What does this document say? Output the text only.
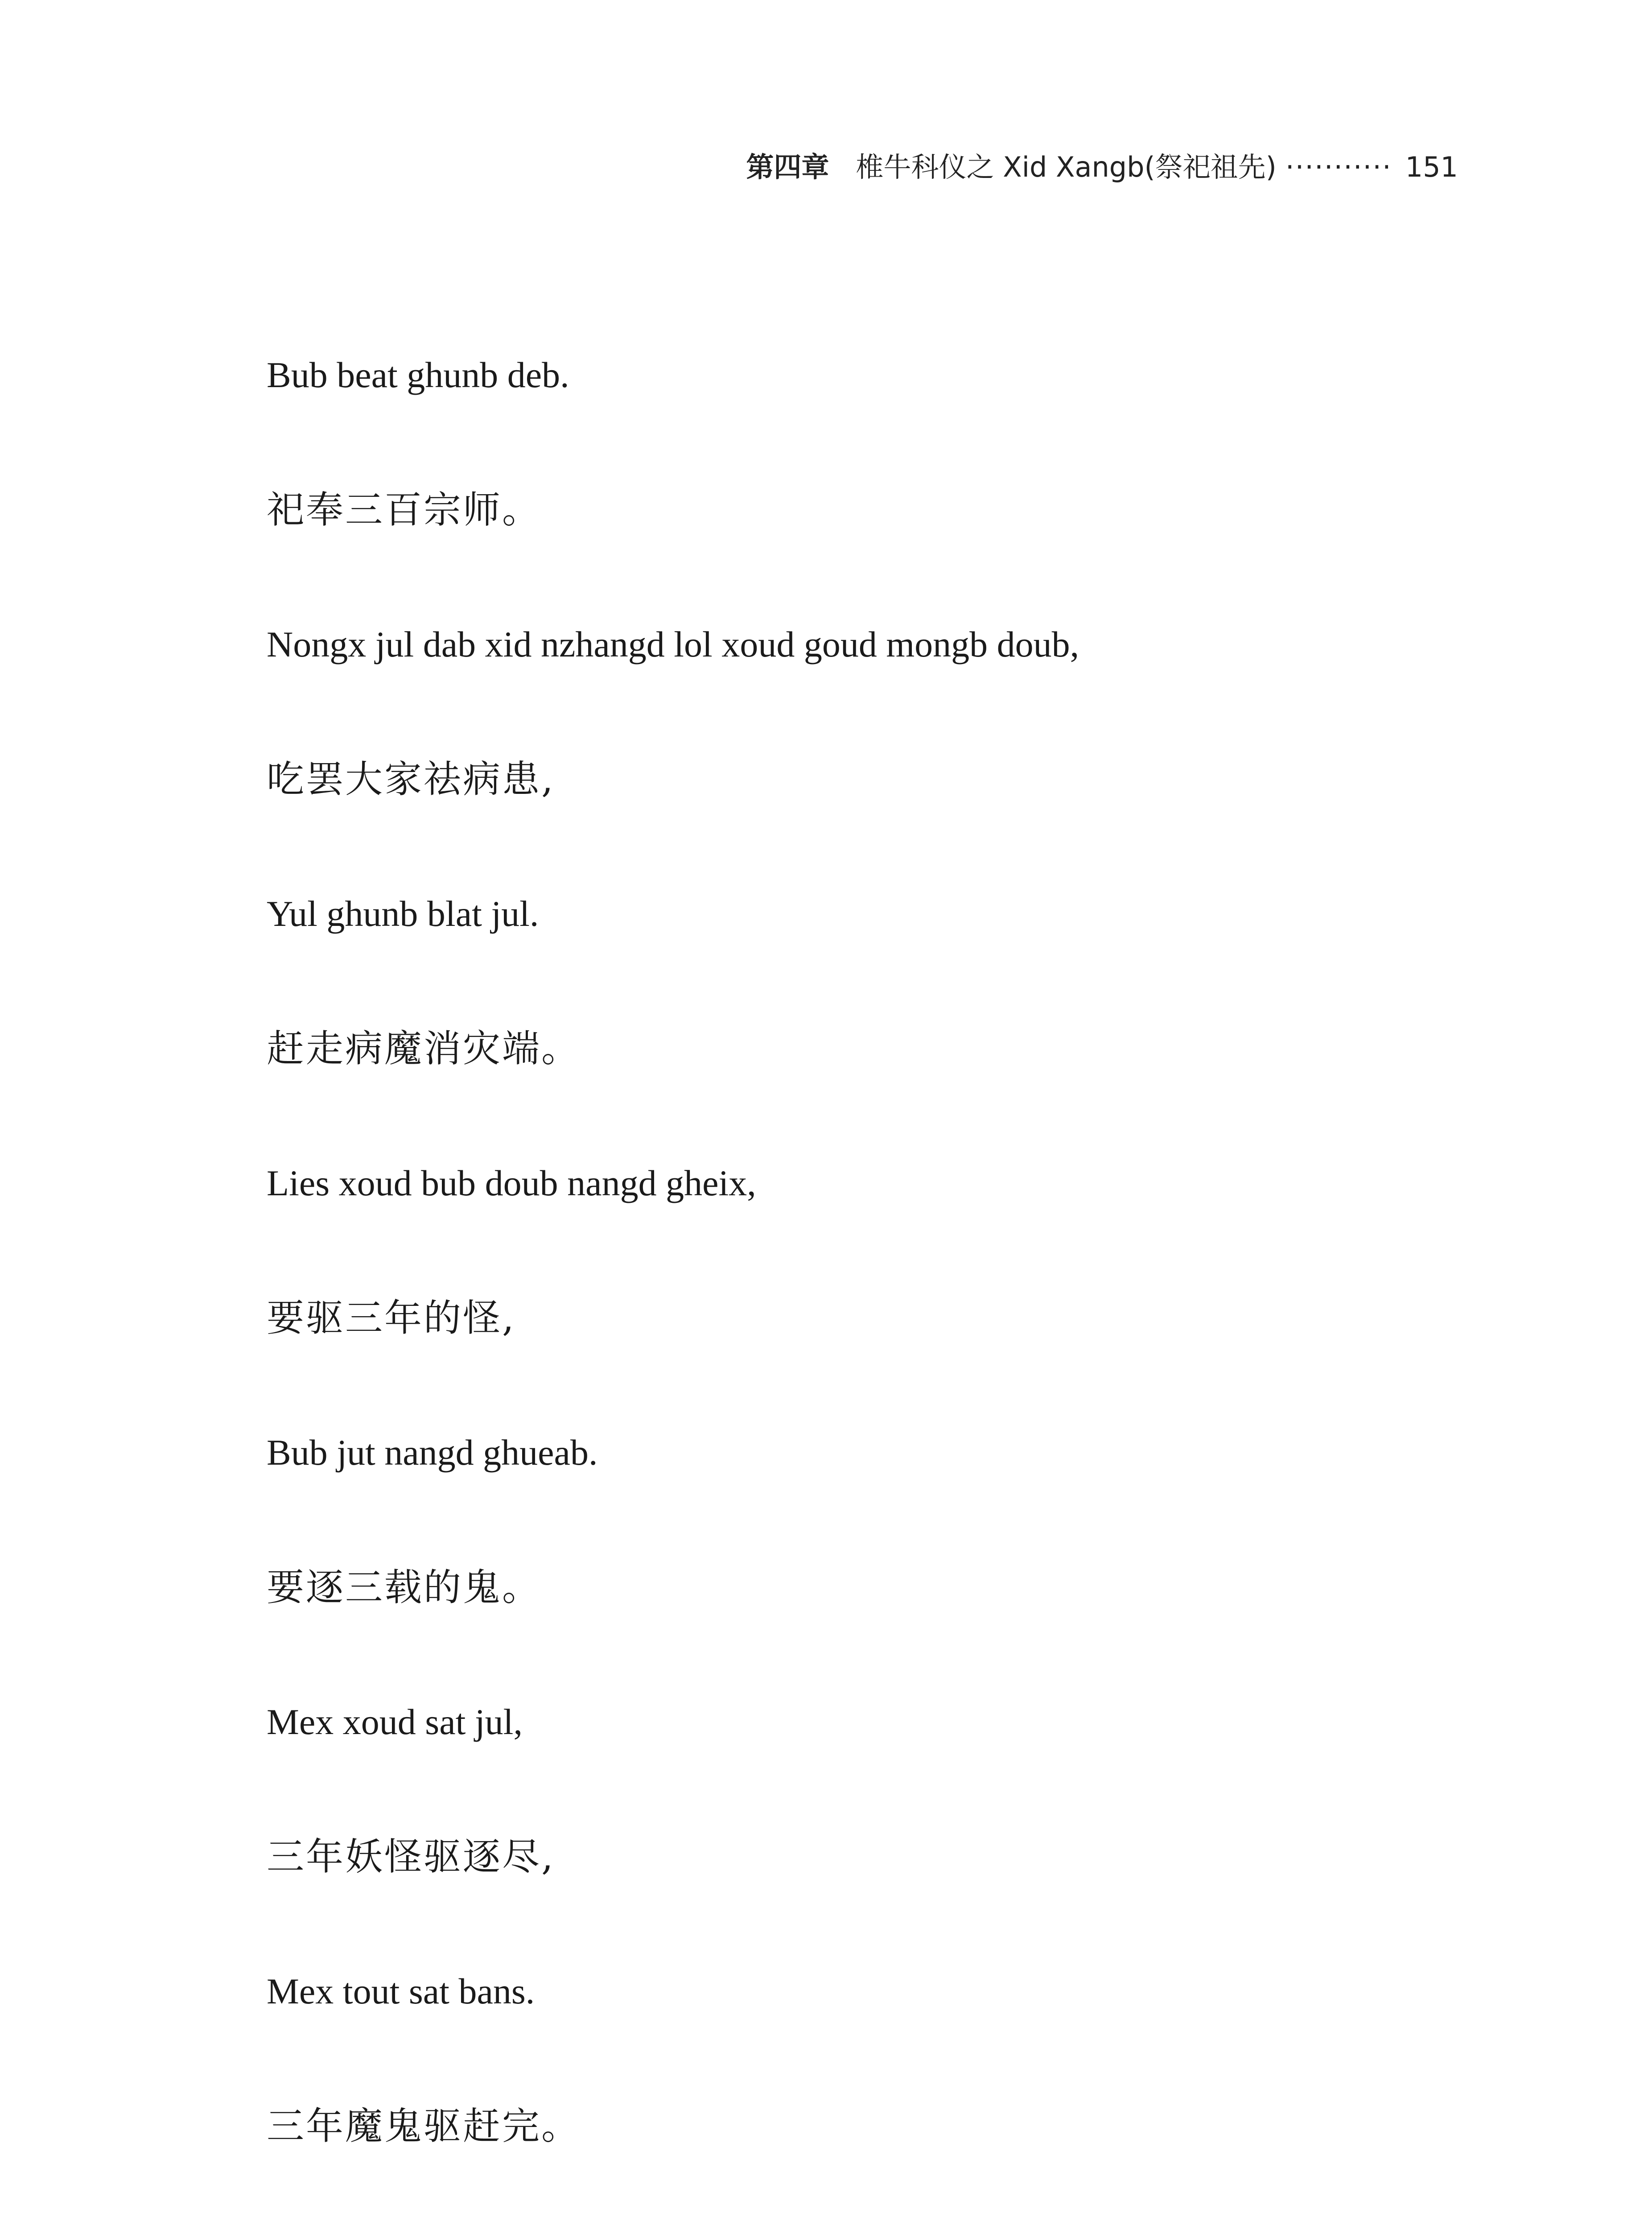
第四章 椎牛科仪之 Xid Xangb(祭祀祖先) ··········· 151
Bub beat ghunb deb.
祀奉三百宗师。
Nongx jul dab xid nzhangd lol xoud goud mongb doub,
吃罢大家祛病患,
Yul ghunb blat jul.
赶走病魔消灾端。
Lies xoud bub doub nangd gheix,
要驱三年的怪,
Bub jut nangd ghueab.
要逐三载的鬼。
Mex xoud sat jul,
三年妖怪驱逐尽,
Mex tout sat bans.
三年魔鬼驱赶完。
